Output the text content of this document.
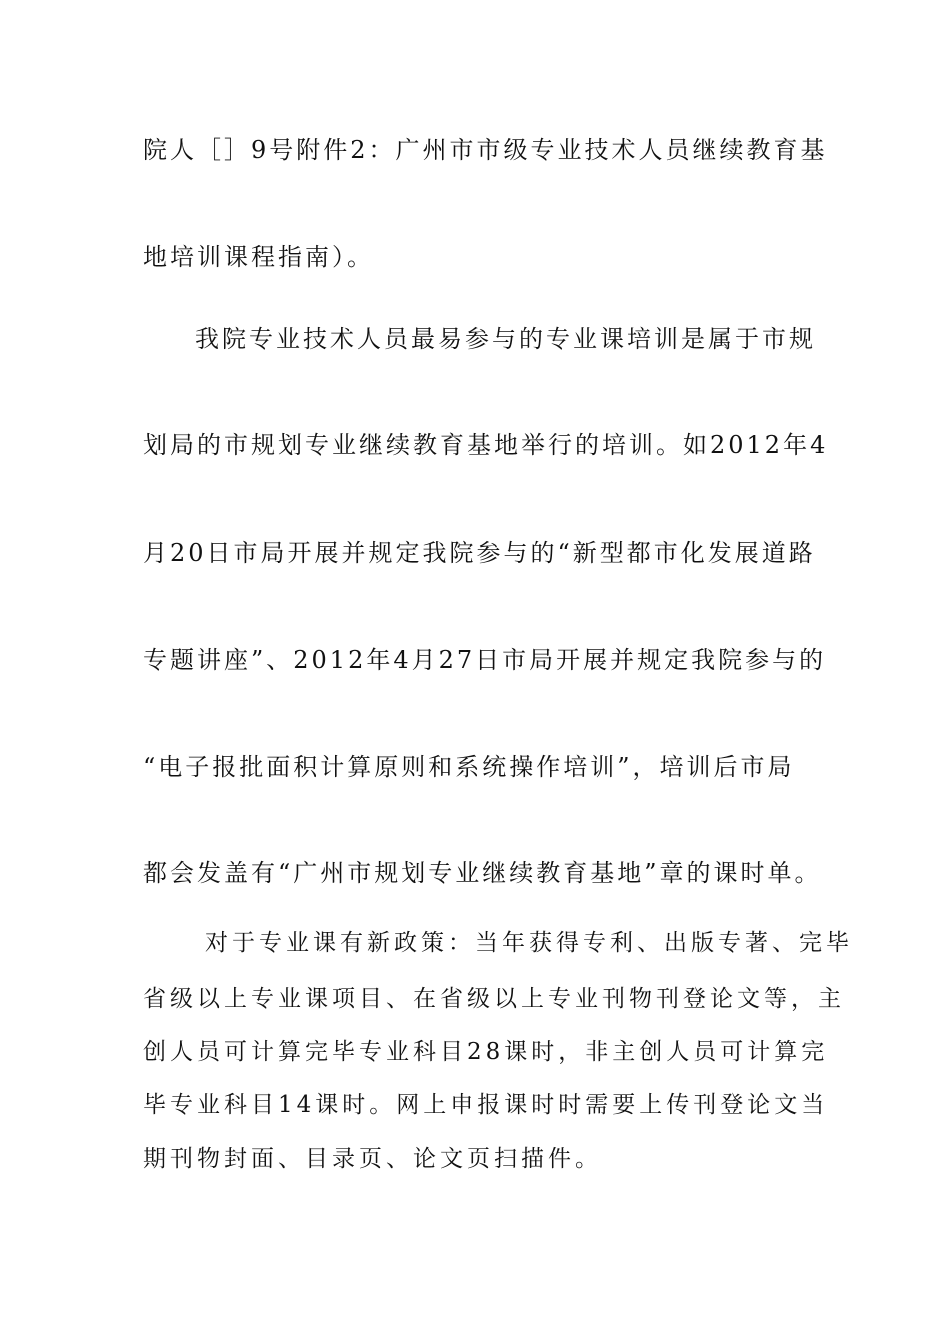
院人［］9号附件2：广州市市级专业技术人员继续教育基
地培训课程指南）。
我院专业技术人员最易参与的专业课培训是属于市规
划局的市规划专业继续教育基地举行的培训。如2012年4
月20日市局开展并规定我院参与的“新型都市化发展道路
专题讲座”、2012年4月27日市局开展并规定我院参与的
“电子报批面积计算原则和系统操作培训”，培训后市局
都会发盖有“广州市规划专业继续教育基地”章的课时单。
对于专业课有新政策：当年获得专利、出版专著、完毕
省级以上专业课项目、在省级以上专业刊物刊登论文等，主
创人员可计算完毕专业科目28课时，非主创人员可计算完
毕专业科目14课时。网上申报课时时需要上传刊登论文当
期刊物封面、目录页、论文页扫描件。
